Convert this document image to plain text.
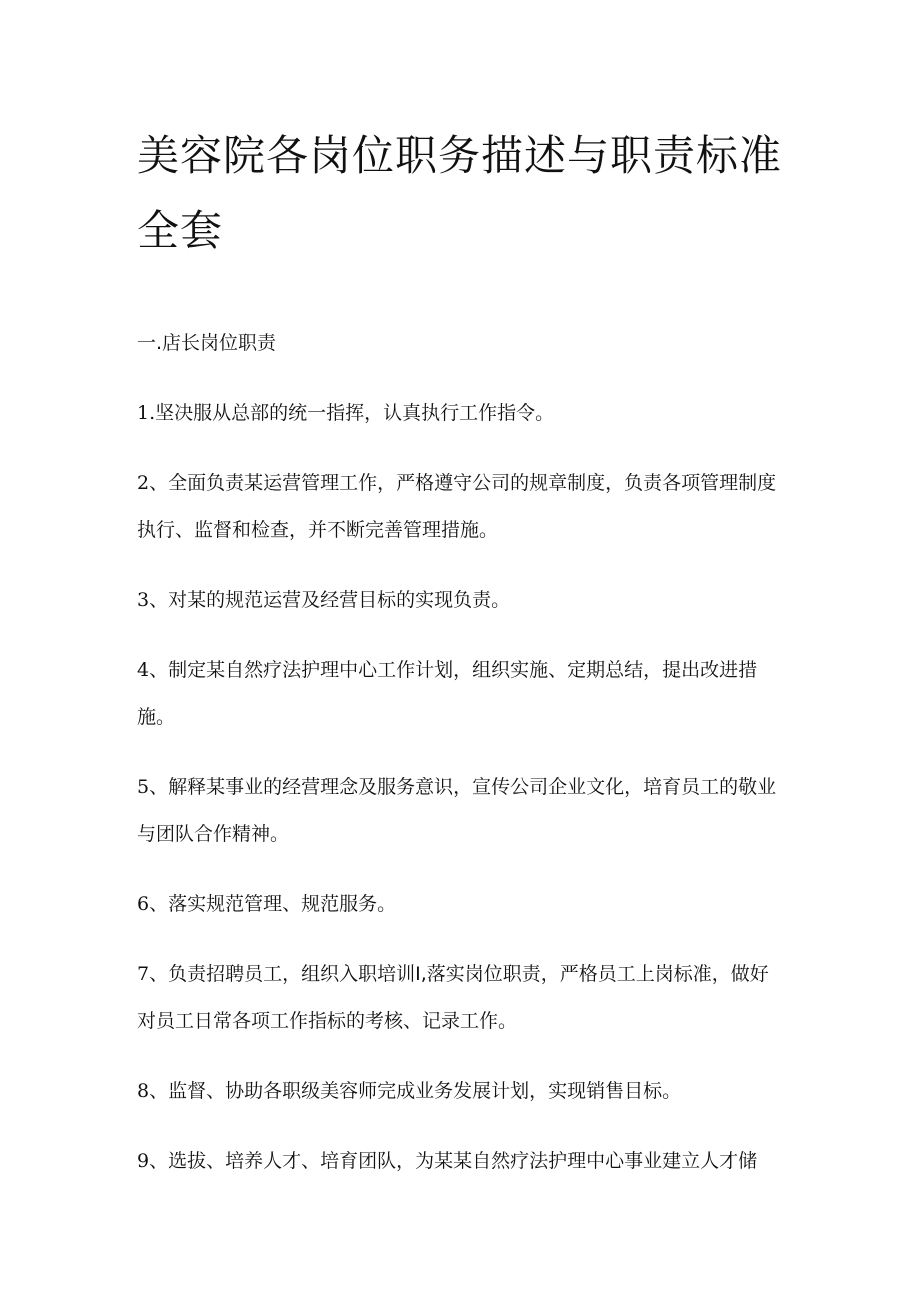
美容院各岗位职务描述与职责标准全套
一.店长岗位职责
1.坚决服从总部的统一指挥，认真执行工作指令。
2、全面负责某运营管理工作，严格遵守公司的规章制度，负责各项管理制度执行、监督和检查，并不断完善管理措施。
3、对某的规范运营及经营目标的实现负责。
4、制定某自然疗法护理中心工作计划，组织实施、定期总结，提出改进措施。
5、解释某事业的经营理念及服务意识，宣传公司企业文化，培育员工的敬业与团队合作精神。
6、落实规范管理、规范服务。
7、负责招聘员工，组织入职培训I,落实岗位职责，严格员工上岗标准，做好对员工日常各项工作指标的考核、记录工作。
8、监督、协助各职级美容师完成业务发展计划，实现销售目标。
9、选拔、培养人才、培育团队，为某某自然疗法护理中心事业建立人才储
